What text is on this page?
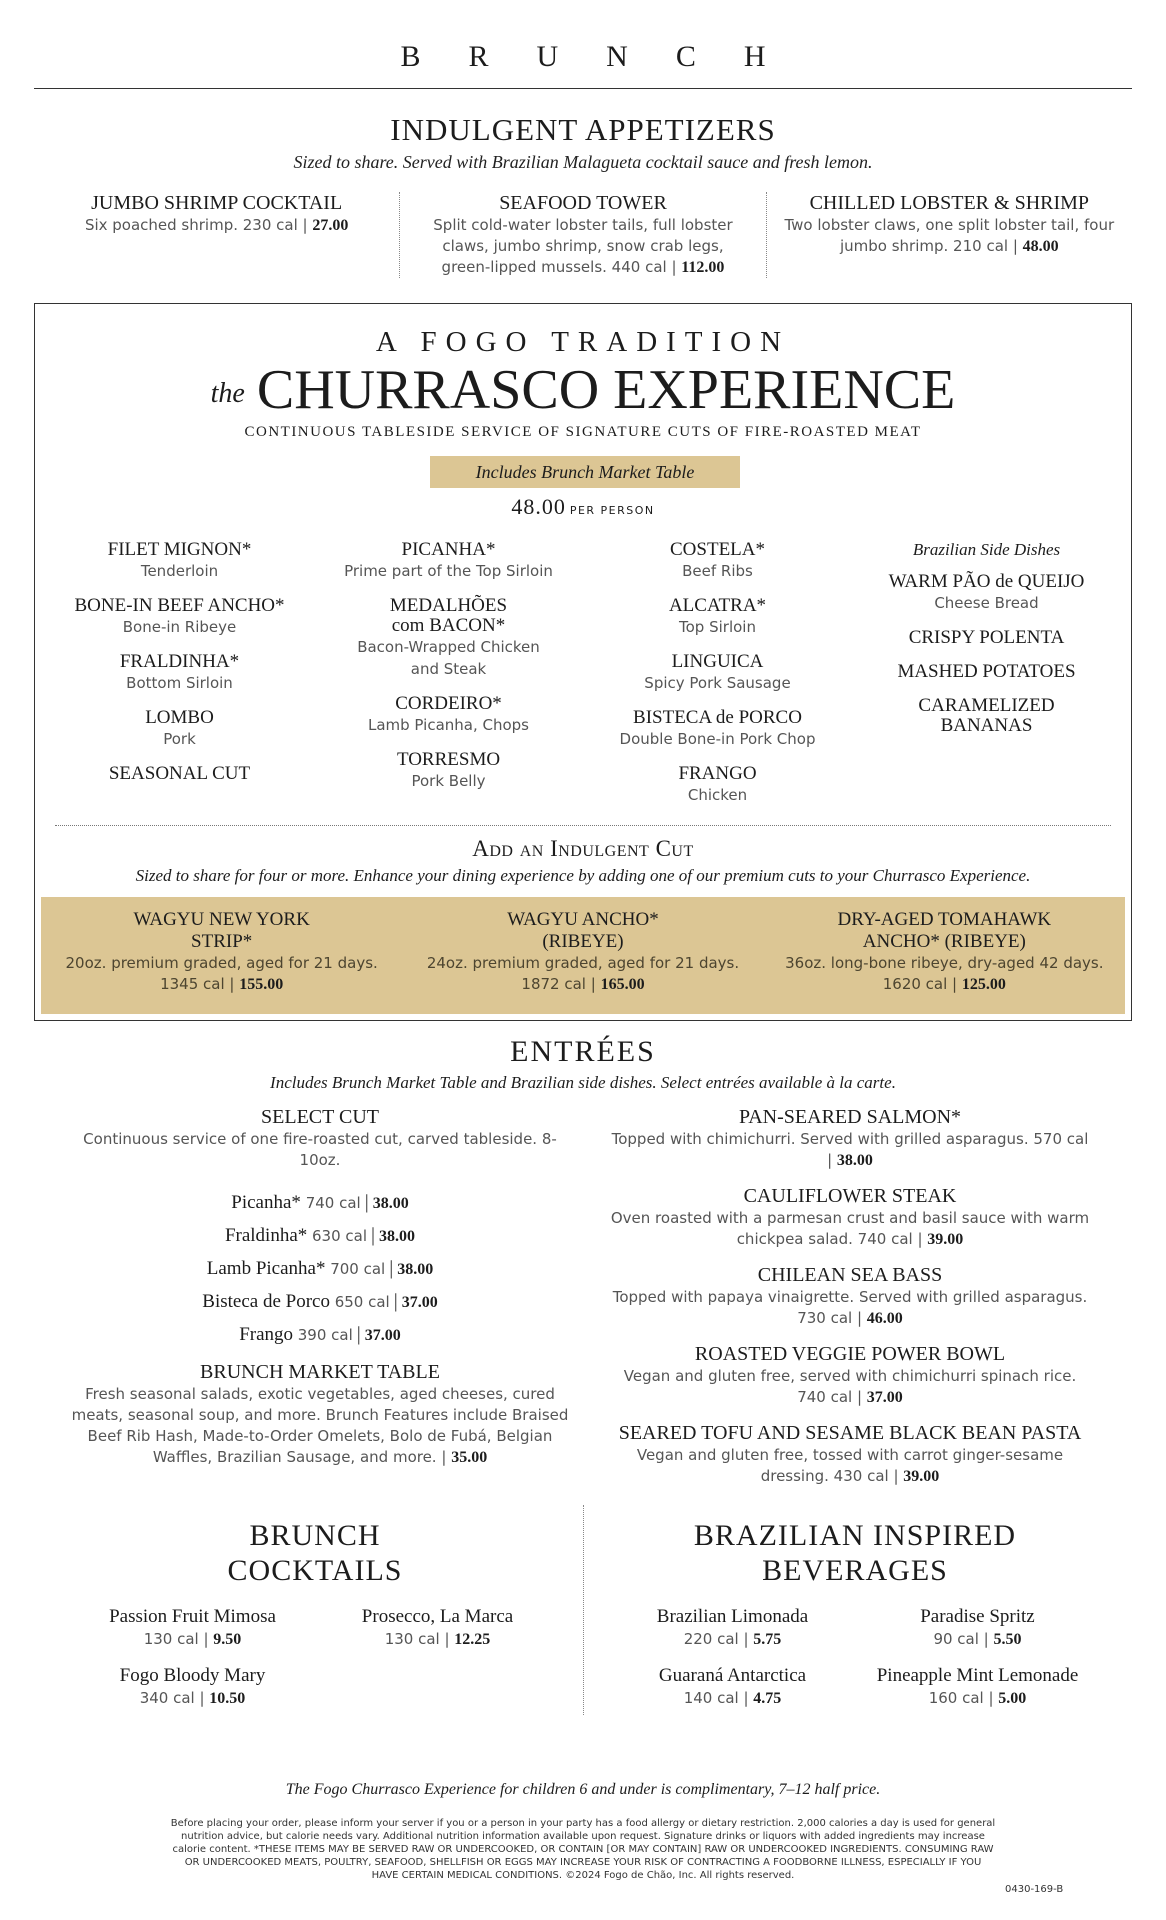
BRUNCH
INDULGENT APPETIZERS
Sized to share. Served with Brazilian Malagueta cocktail sauce and fresh lemon.
JUMBO SHRIMP COCKTAIL
Six poached shrimp. 230 cal | 27.00
SEAFOOD TOWER
Split cold-water lobster tails, full lobster claws, jumbo shrimp, snow crab legs, green-lipped mussels. 440 cal | 112.00
CHILLED LOBSTER & SHRIMP
Two lobster claws, one split lobster tail, four jumbo shrimp. 210 cal | 48.00
A FOGO TRADITION
the CHURRASCO EXPERIENCE
CONTINUOUS TABLESIDE SERVICE OF SIGNATURE CUTS OF FIRE-ROASTED MEAT
Includes Brunch Market Table
48.00 PER PERSON
FILET MIGNON*
Tenderloin
BONE-IN BEEF ANCHO*
Bone-in Ribeye
FRALDINHA*
Bottom Sirloin
LOMBO
Pork
SEASONAL CUT
PICANHA*
Prime part of the Top Sirloin
MEDALHÕES com BACON*
Bacon-Wrapped Chicken and Steak
CORDEIRO*
Lamb Picanha, Chops
TORRESMO
Pork Belly
COSTELA*
Beef Ribs
ALCATRA*
Top Sirloin
LINGUICA
Spicy Pork Sausage
BISTECA de PORCO
Double Bone-in Pork Chop
FRANGO
Chicken
Brazilian Side Dishes
WARM PÃO de QUEIJO
Cheese Bread
CRISPY POLENTA
MASHED POTATOES
CARAMELIZED BANANAS
Add an Indulgent Cut
Sized to share for four or more. Enhance your dining experience by adding one of our premium cuts to your Churrasco Experience.
WAGYU NEW YORK
STRIP*
20oz. premium graded, aged for 21 days.
1345 cal | 155.00
WAGYU ANCHO*
(RIBEYE)
24oz. premium graded, aged for 21 days.
1872 cal | 165.00
DRY-AGED TOMAHAWK
ANCHO* (RIBEYE)
36oz. long-bone ribeye, dry-aged 42 days.
1620 cal | 125.00
ENTRÉES
Includes Brunch Market Table and Brazilian side dishes. Select entrées available à la carte.
SELECT CUT
Continuous service of one fire-roasted cut, carved tableside. 8-10oz.
Picanha* 740 cal | 38.00
Fraldinha* 630 cal | 38.00
Lamb Picanha* 700 cal | 38.00
Bisteca de Porco 650 cal | 37.00
Frango 390 cal | 37.00
BRUNCH MARKET TABLE
Fresh seasonal salads, exotic vegetables, aged cheeses, cured meats, seasonal soup, and more. Brunch Features include Braised Beef Rib Hash, Made-to-Order Omelets, Bolo de Fubá, Belgian Waffles, Brazilian Sausage, and more. | 35.00
PAN-SEARED SALMON*
Topped with chimichurri. Served with grilled asparagus. 570 cal | 38.00
CAULIFLOWER STEAK
Oven roasted with a parmesan crust and basil sauce with warm chickpea salad. 740 cal | 39.00
CHILEAN SEA BASS
Topped with papaya vinaigrette. Served with grilled asparagus. 730 cal | 46.00
ROASTED VEGGIE POWER BOWL
Vegan and gluten free, served with chimichurri spinach rice. 740 cal | 37.00
SEARED TOFU AND SESAME BLACK BEAN PASTA
Vegan and gluten free, tossed with carrot ginger-sesame dressing. 430 cal | 39.00
BRUNCH
COCKTAILS
Passion Fruit Mimosa
130 cal | 9.50
Prosecco, La Marca
130 cal | 12.25
Fogo Bloody Mary
340 cal | 10.50
BRAZILIAN INSPIRED
BEVERAGES
Brazilian Limonada
220 cal | 5.75
Paradise Spritz
90 cal | 5.50
Guaraná Antarctica
140 cal | 4.75
Pineapple Mint Lemonade
160 cal | 5.00
The Fogo Churrasco Experience for children 6 and under is complimentary, 7–12 half price.
Before placing your order, please inform your server if you or a person in your party has a food allergy or dietary restriction. 2,000 calories a day is used for general nutrition advice, but calorie needs vary. Additional nutrition information available upon request. Signature drinks or liquors with added ingredients may increase calorie content. *THESE ITEMS MAY BE SERVED RAW OR UNDERCOOKED, OR CONTAIN [OR MAY CONTAIN] RAW OR UNDERCOOKED INGREDIENTS. CONSUMING RAW OR UNDERCOOKED MEATS, POULTRY, SEAFOOD, SHELLFISH OR EGGS MAY INCREASE YOUR RISK OF CONTRACTING A FOODBORNE ILLNESS, ESPECIALLY IF YOU HAVE CERTAIN MEDICAL CONDITIONS. ©2024 Fogo de Chão, Inc. All rights reserved.
0430-169-B
